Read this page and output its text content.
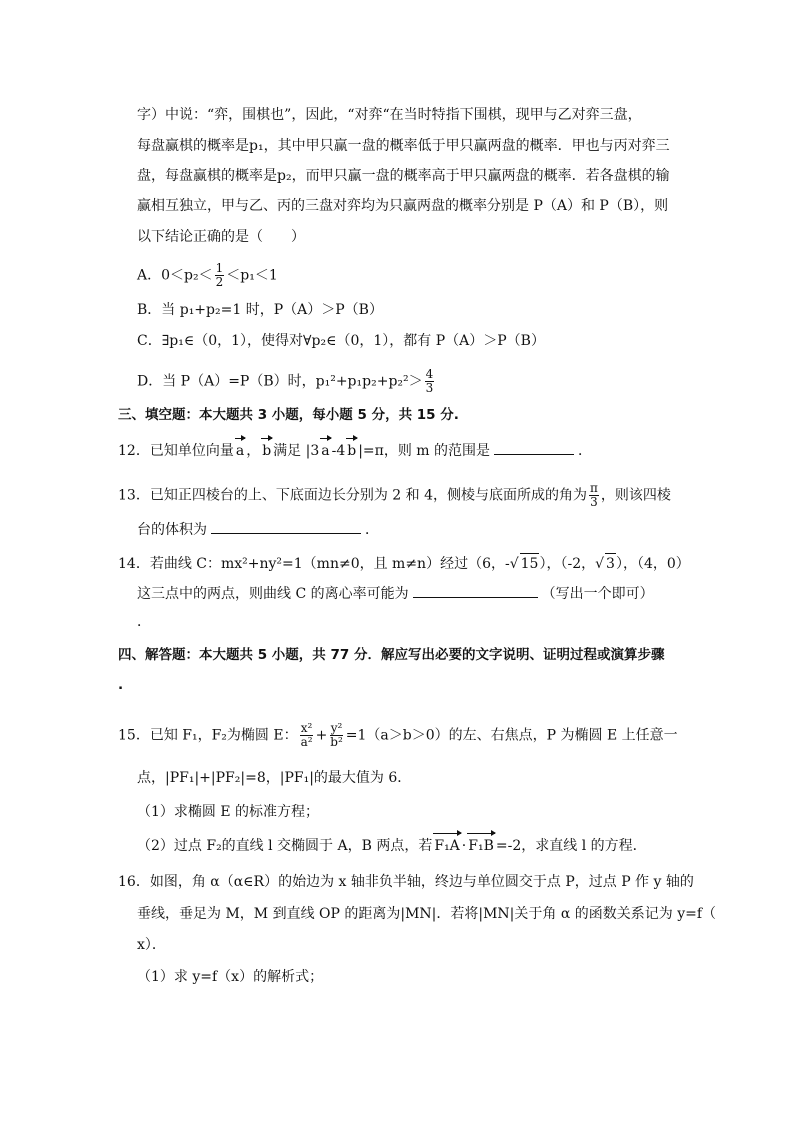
字）中说：“弈，围棋也”，因此，“对弈“在当时特指下围棋，现甲与乙对弈三盘，
每盘赢棋的概率是p₁，其中甲只赢一盘的概率低于甲只赢两盘的概率．甲也与丙对弈三
盘，每盘赢棋的概率是p₂，而甲只赢一盘的概率高于甲只赢两盘的概率．若各盘棋的输
赢相互独立，甲与乙、丙的三盘对弈均为只赢两盘的概率分别是 P（A）和 P（B），则
以下结论正确的是（　　）
A．$0<p_2< \frac{1}{2} <p_1<1$
B．当 p₁+p₂=1 时，P（A）＞P（B）
C．∃p₁∈（0，1），使得对∀p₂∈（0，1），都有 P（A）＞P（B）
D．当 P（A）=P（B）时，$p_1^2+p_1p_2+p_2^2> \frac{4}{3}$
三、填空题：本大题共 3 小题，每小题 5 分，共 15 分.
12．已知单位向量 a ， b 满足 |3 a -4 b |=π，则 m 的范围是	．
13．已知正四棱台的上、下底面边长分别为 2 和 4，侧棱与底面所成的角为 $\frac{\pi}{3}$ ，则该四棱
台的体积为	．
14．若曲线 C：mx²+ny²=1（mn≠0，且 m≠n）经过（6，-√ 15），（-2，√ 3），（4，0）
这三点中的两点，则曲线 C 的离心率可能为	（写出一个即可）
．
四、解答题：本大题共 5 小题，共 77 分．解应写出必要的文字说明、证明过程或演算步骤
.
15．已知 F₁，F₂为椭圆 E： $\frac{\text{x²}}{\text{a²}} + \frac{\text{y²}}{\text{b²}} =1(a>b>0)$的左、右焦点，P 为椭圆 E 上任意一
点，|PF₁|+|PF₂|=8，|PF₁|的最大值为 6．
（1）求椭圆 E 的标准方程；
（2）过点 F₂的直线 l 交椭圆于 A，B 两点，若 F₁A · F₁B =-2，求直线 l 的方程．
16．如图，角 α（α∈R）的始边为 x 轴非负半轴，终边与单位圆交于点 P，过点 P 作 y 轴的
垂线，垂足为 M，M 到直线 OP 的距离为|MN|．若将|MN|关于角 α 的函数关系记为 y=f（
x）．
（1）求 y=f（x）的解析式；
